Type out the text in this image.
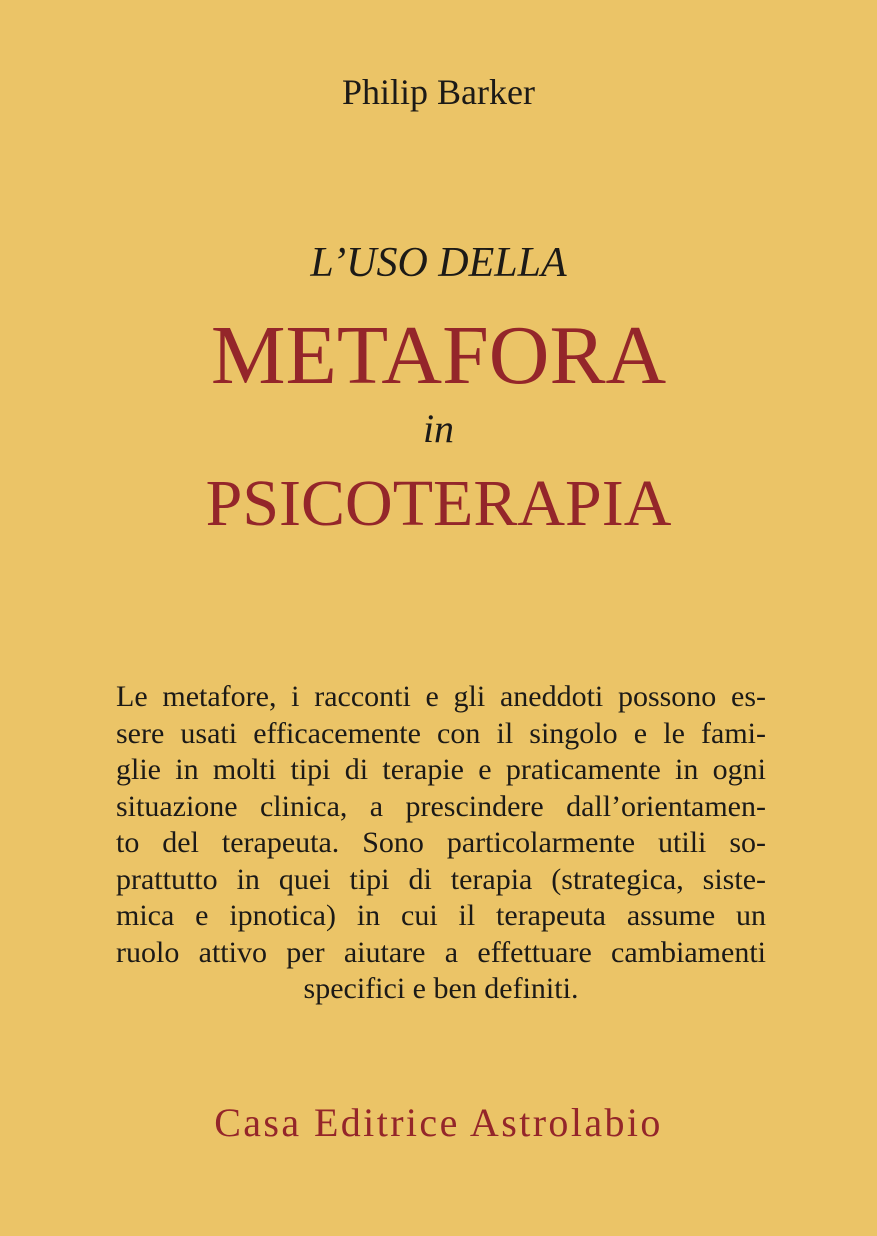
Philip Barker
L’USO DELLA
METAFORA
in
PSICOTERAPIA
Le metafore, i racconti e gli aneddoti possono es-
sere usati efficacemente con il singolo e le fami-
glie in molti tipi di terapie e praticamente in ogni
situazione clinica, a prescindere dall’orientamen-
to del terapeuta. Sono particolarmente utili so-
prattutto in quei tipi di terapia (strategica, siste-
mica e ipnotica) in cui il terapeuta assume un
ruolo attivo per aiutare a effettuare cambiamenti
specifici e ben definiti.
Casa Editrice Astrolabio
